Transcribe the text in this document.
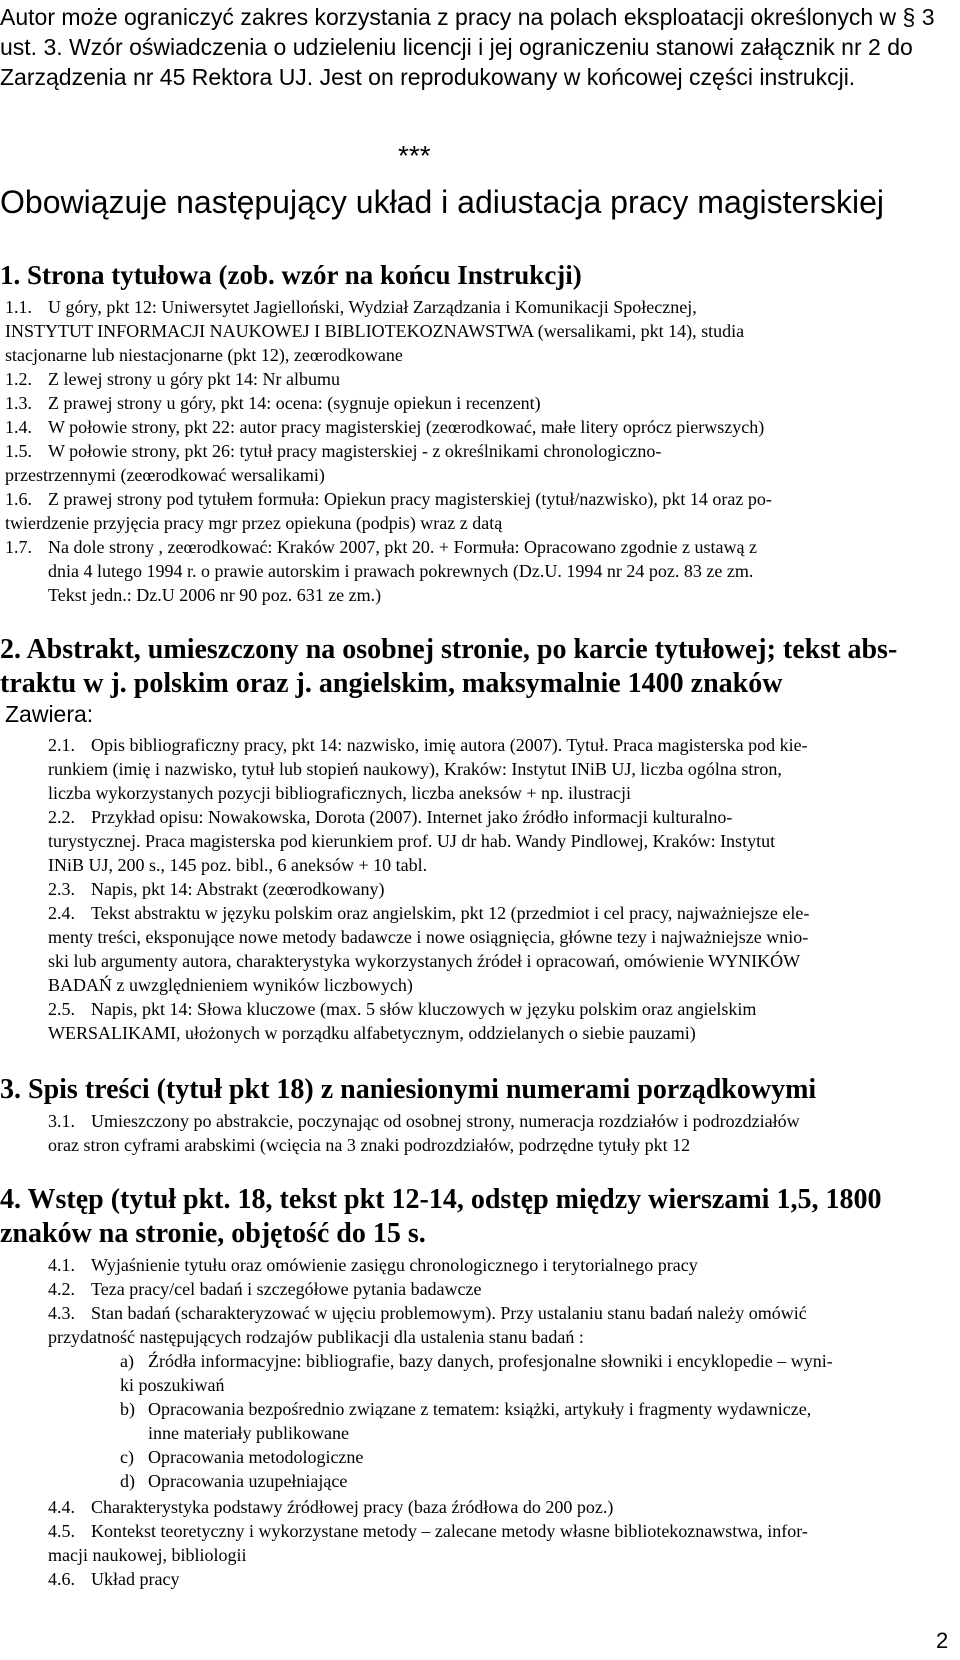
Autor może ograniczyć zakres korzystania z pracy na polach eksploatacji określonych w § 3
ust. 3. Wzór oświadczenia o udzieleniu licencji i jej ograniczeniu stanowi załącznik nr 2 do
Zarządzenia nr 45 Rektora UJ. Jest on reprodukowany w końcowej części instrukcji.
***
Obowiązuje następujący układ i adiustacja pracy magisterskiej
1. Strona tytułowa (zob. wzór na końcu Instrukcji)
1.1. U góry, pkt 12: Uniwersytet Jagielloński, Wydział Zarządzania i Komunikacji Społecznej,
INSTYTUT INFORMACJI NAUKOWEJ I BIBLIOTEKOZNAWSTWA (wersalikami, pkt 14), studia
stacjonarne lub niestacjonarne (pkt 12), zeœrodkowane
1.2. Z lewej strony u góry pkt 14: Nr albumu
1.3. Z prawej strony u góry, pkt 14: ocena: (sygnuje opiekun i recenzent)
1.4. W połowie strony, pkt 22: autor pracy magisterskiej (zeœrodkować, małe litery oprócz pierwszych)
1.5. W połowie strony, pkt 26: tytuł pracy magisterskiej - z określnikami chronologiczno-
przestrzennymi (zeœrodkować wersalikami)
1.6. Z prawej strony pod tytułem formuła: Opiekun pracy magisterskiej (tytuł/nazwisko), pkt 14 oraz po-
twierdzenie przyjęcia pracy mgr przez opiekuna (podpis) wraz z datą
1.7. Na dole strony , zeœrodkować: Kraków 2007, pkt 20. + Formuła: Opracowano zgodnie z ustawą z
dnia 4 lutego 1994 r. o prawie autorskim i prawach pokrewnych (Dz.U. 1994 nr 24 poz. 83 ze zm.
Tekst jedn.: Dz.U 2006 nr 90 poz. 631 ze zm.)
2. Abstrakt, umieszczony na osobnej stronie, po karcie tytułowej; tekst abs-
traktu w j. polskim oraz j. angielskim, maksymalnie 1400 znaków
Zawiera:
2.1. Opis bibliograficzny pracy, pkt 14: nazwisko, imię autora (2007). Tytuł. Praca magisterska pod kie-
runkiem (imię i nazwisko, tytuł lub stopień naukowy), Kraków: Instytut INiB UJ, liczba ogólna stron,
liczba wykorzystanych pozycji bibliograficznych, liczba aneksów + np. ilustracji
2.2. Przykład opisu: Nowakowska, Dorota (2007). Internet jako źródło informacji kulturalno-
turystycznej. Praca magisterska pod kierunkiem prof. UJ dr hab. Wandy Pindlowej, Kraków: Instytut
INiB UJ, 200 s., 145 poz. bibl., 6 aneksów + 10 tabl.
2.3. Napis, pkt 14: Abstrakt (zeœrodkowany)
2.4. Tekst abstraktu w języku polskim oraz angielskim, pkt 12 (przedmiot i cel pracy, najważniejsze ele-
menty treści, eksponujące nowe metody badawcze i nowe osiągnięcia, główne tezy i najważniejsze wnio-
ski lub argumenty autora, charakterystyka wykorzystanych źródeł i opracowań, omówienie WYNIKÓW
BADAŃ z uwzględnieniem wyników liczbowych)
2.5. Napis, pkt 14: Słowa kluczowe (max. 5 słów kluczowych w języku polskim oraz angielskim
WERSALIKAMI, ułożonych w porządku alfabetycznym, oddzielanych o siebie pauzami)
3. Spis treści (tytuł pkt 18) z naniesionymi numerami porządkowymi
3.1. Umieszczony po abstrakcie, poczynając od osobnej strony, numeracja rozdziałów i podrozdziałów
oraz stron cyframi arabskimi (wcięcia na 3 znaki podrozdziałów, podrzędne tytuły pkt 12
4. Wstęp (tytuł pkt. 18, tekst pkt 12-14, odstęp między wierszami 1,5, 1800
znaków na stronie, objętość do 15 s.
4.1. Wyjaśnienie tytułu oraz omówienie zasięgu chronologicznego i terytorialnego pracy
4.2. Teza pracy/cel badań i szczegółowe pytania badawcze
4.3. Stan badań (scharakteryzować w ujęciu problemowym). Przy ustalaniu stanu badań należy omówić
przydatność następujących rodzajów publikacji dla ustalenia stanu badań :
a) Źródła informacyjne: bibliografie, bazy danych, profesjonalne słowniki i encyklopedie – wyni-
ki poszukiwań
b) Opracowania bezpośrednio związane z tematem: książki, artykuły i fragmenty wydawnicze,
inne materiały publikowane
c) Opracowania metodologiczne
d) Opracowania uzupełniające
4.4. Charakterystyka podstawy źródłowej pracy (baza źródłowa do 200 poz.)
4.5. Kontekst teoretyczny i wykorzystane metody – zalecane metody własne bibliotekoznawstwa, infor-
macji naukowej, bibliologii
4.6. Układ pracy
2
